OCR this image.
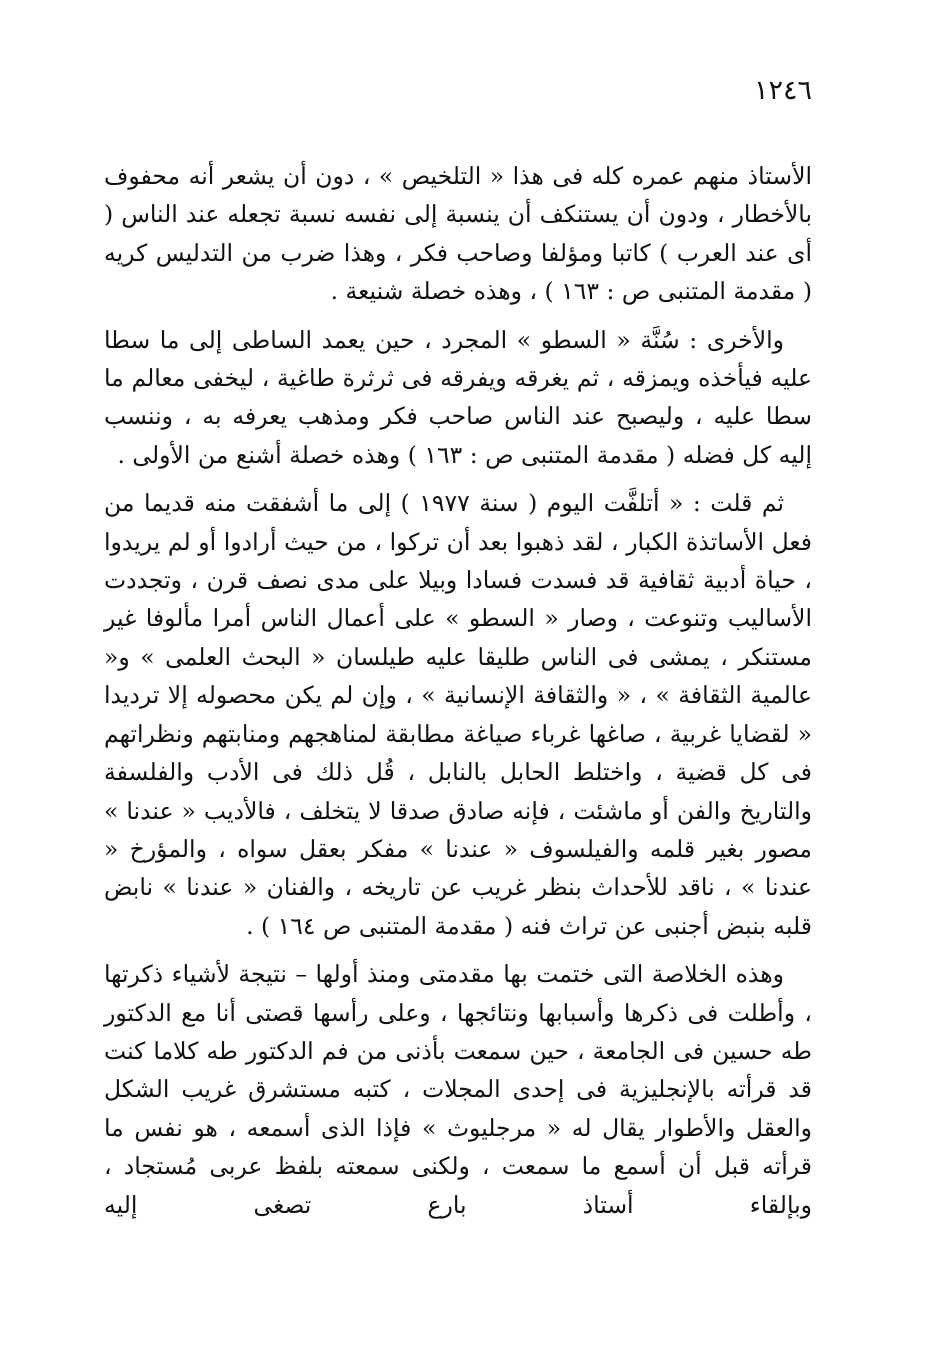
١٢٤٦

الأستاذ منهم عمره كله فى هذا « التلخيص » ، دون أن يشعر أنه محفوف بالأخطار ، ودون أن يستنكف أن ينسبة إلى نفسه نسبة تجعله عند الناس ( أى عند العرب ) كاتبا ومؤلفا وصاحب فكر ، وهذا ضرب من التدليس كريه ( مقدمة المتنبى ص : ١٦٣ ) ، وهذه خصلة شنيعة .

والأخرى : سُنَّة « السطو » المجرد ، حين يعمد الساطى إلى ما سطا عليه فيأخذه ويمزقه ، ثم يغرقه ويفرقه فى ثرثرة طاغية ، ليخفى معالم ما سطا عليه ، وليصبح عند الناس صاحب فكر ومذهب يعرفه به ، وننسب إليه كل فضله ( مقدمة المتنبى ص : ١٦٣ ) وهذه خصلة أشنع من الأولى .

ثم قلت : « أتلفَّت اليوم ( سنة ١٩٧٧ ) إلى ما أشفقت منه قديما من فعل الأساتذة الكبار ، لقد ذهبوا بعد أن تركوا ، من حيث أرادوا أو لم يريدوا ، حياة أدبية ثقافية قد فسدت فسادا وبيلا على مدى نصف قرن ، وتجددت الأساليب وتنوعت ، وصار « السطو » على أعمال الناس أمرا مألوفا غير مستنكر ، يمشى فى الناس طليقا عليه طيلسان « البحث العلمى » و« عالمية الثقافة » ، « والثقافة الإنسانية » ، وإن لم يكن محصوله إلا ترديدا « لقضايا غربية ، صاغها غرباء صياغة مطابقة لمناهجهم ومنابتهم ونظراتهم فى كل قضية ، واختلط الحابل بالنابل ، قُل ذلك فى الأدب والفلسفة والتاريخ والفن أو ماشئت ، فإنه صادق صدقا لا يتخلف ، فالأديب « عندنا » مصور بغير قلمه والفيلسوف « عندنا » مفكر بعقل سواه ، والمؤرخ « عندنا » ، ناقد للأحداث بنظر غريب عن تاريخه ، والفنان « عندنا » نابض قلبه بنبض أجنبى عن تراث فنه ( مقدمة المتنبى ص ١٦٤ ) .

وهذه الخلاصة التى ختمت بها مقدمتى ومنذ أولها – نتيجة لأشياء ذكرتها ، وأطلت فى ذكرها وأسبابها ونتائجها ، وعلى رأسها قصتى أنا مع الدكتور طه حسين فى الجامعة ، حين سمعت بأذنى من فم الدكتور طه كلاما كنت قد قرأته بالإنجليزية فى إحدى المجلات ، كتبه مستشرق غريب الشكل والعقل والأطوار يقال له « مرجليوث » فإذا الذى أسمعه ، هو نفس ما قرأته قبل أن أسمع ما سمعت ، ولكنى سمعته بلفظ عربى مُستجاد ، وبإلقاء أستاذ بارع تصغى إليه
